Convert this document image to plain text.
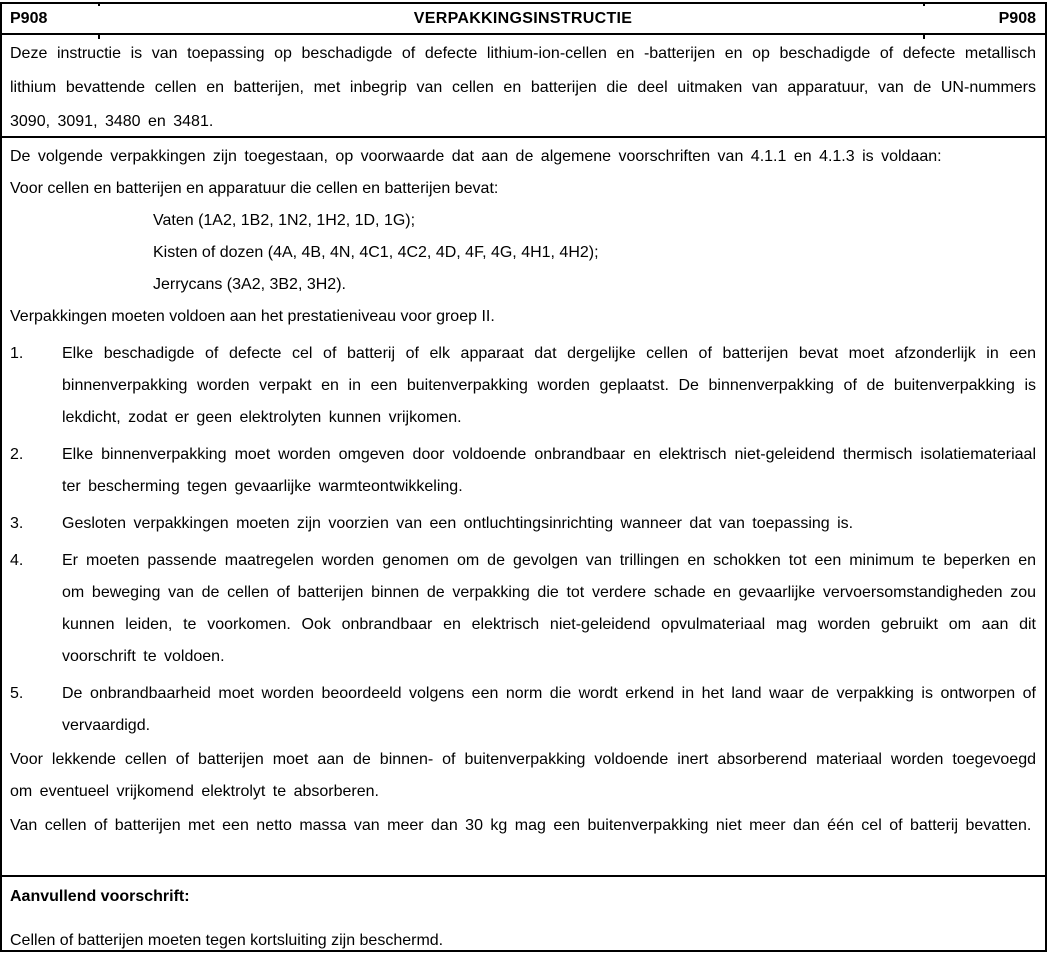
P908	VERPAKKINGSINSTRUCTIE	P908

Deze instructie is van toepassing op beschadigde of defecte lithium-ion-cellen en -batterijen en op beschadigde of defecte metallisch lithium bevattende cellen en batterijen, met inbegrip van cellen en batterijen die deel uitmaken van apparatuur, van de UN-nummers 3090, 3091, 3480 en 3481.

De volgende verpakkingen zijn toegestaan, op voorwaarde dat aan de algemene voorschriften van 4.1.1 en 4.1.3 is voldaan:

Voor cellen en batterijen en apparatuur die cellen en batterijen bevat:

Vaten (1A2, 1B2, 1N2, 1H2, 1D, 1G);

Kisten of dozen (4A, 4B, 4N, 4C1, 4C2, 4D, 4F, 4G, 4H1, 4H2);

Jerrycans (3A2, 3B2, 3H2).

Verpakkingen moeten voldoen aan het prestatieniveau voor groep II.

1. Elke beschadigde of defecte cel of batterij of elk apparaat dat dergelijke cellen of batterijen bevat moet afzonderlijk in een binnenverpakking worden verpakt en in een buitenverpakking worden geplaatst. De binnenverpakking of de buitenverpakking is lekdicht, zodat er geen elektrolyten kunnen vrijkomen.

2. Elke binnenverpakking moet worden omgeven door voldoende onbrandbaar en elektrisch niet-geleidend thermisch isolatiemateriaal ter bescherming tegen gevaarlijke warmteontwikkeling.

3. Gesloten verpakkingen moeten zijn voorzien van een ontluchtingsinrichting wanneer dat van toepassing is.

4. Er moeten passende maatregelen worden genomen om de gevolgen van trillingen en schokken tot een minimum te beperken en om beweging van de cellen of batterijen binnen de verpakking die tot verdere schade en gevaarlijke vervoersomstandigheden zou kunnen leiden, te voorkomen. Ook onbrandbaar en elektrisch niet-geleidend opvulmateriaal mag worden gebruikt om aan dit voorschrift te voldoen.

5. De onbrandbaarheid moet worden beoordeeld volgens een norm die wordt erkend in het land waar de verpakking is ontworpen of vervaardigd.

Voor lekkende cellen of batterijen moet aan de binnen- of buitenverpakking voldoende inert absorberend materiaal worden toegevoegd om eventueel vrijkomend elektrolyt te absorberen.

Van cellen of batterijen met een netto massa van meer dan 30 kg mag een buitenverpakking niet meer dan één cel of batterij bevatten.

Aanvullend voorschrift:

Cellen of batterijen moeten tegen kortsluiting zijn beschermd.
